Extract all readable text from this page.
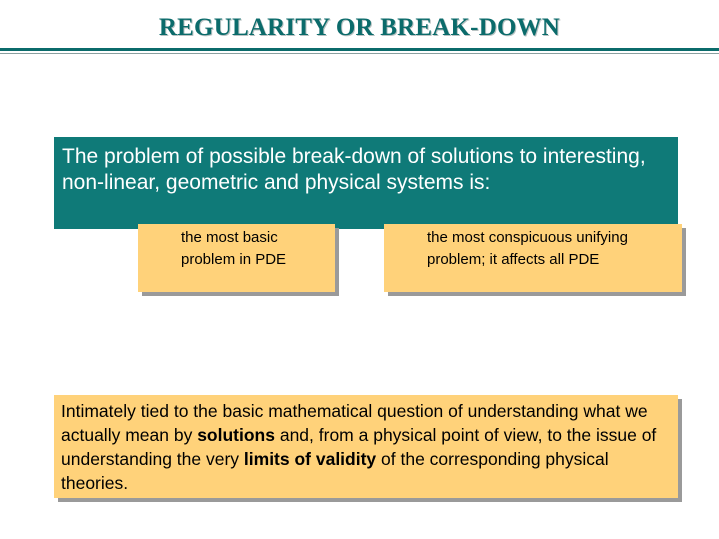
REGULARITY OR BREAK-DOWN

The problem of possible break-down of solutions to interesting, non-linear, geometric and physical systems is:

the most basic problem in PDE
the most conspicuous unifying problem; it affects all PDE
Intimately tied to the basic mathematical question of understanding what we actually mean by solutions and, from a physical point of view, to the issue of understanding the very limits of validity of the corresponding physical theories.
